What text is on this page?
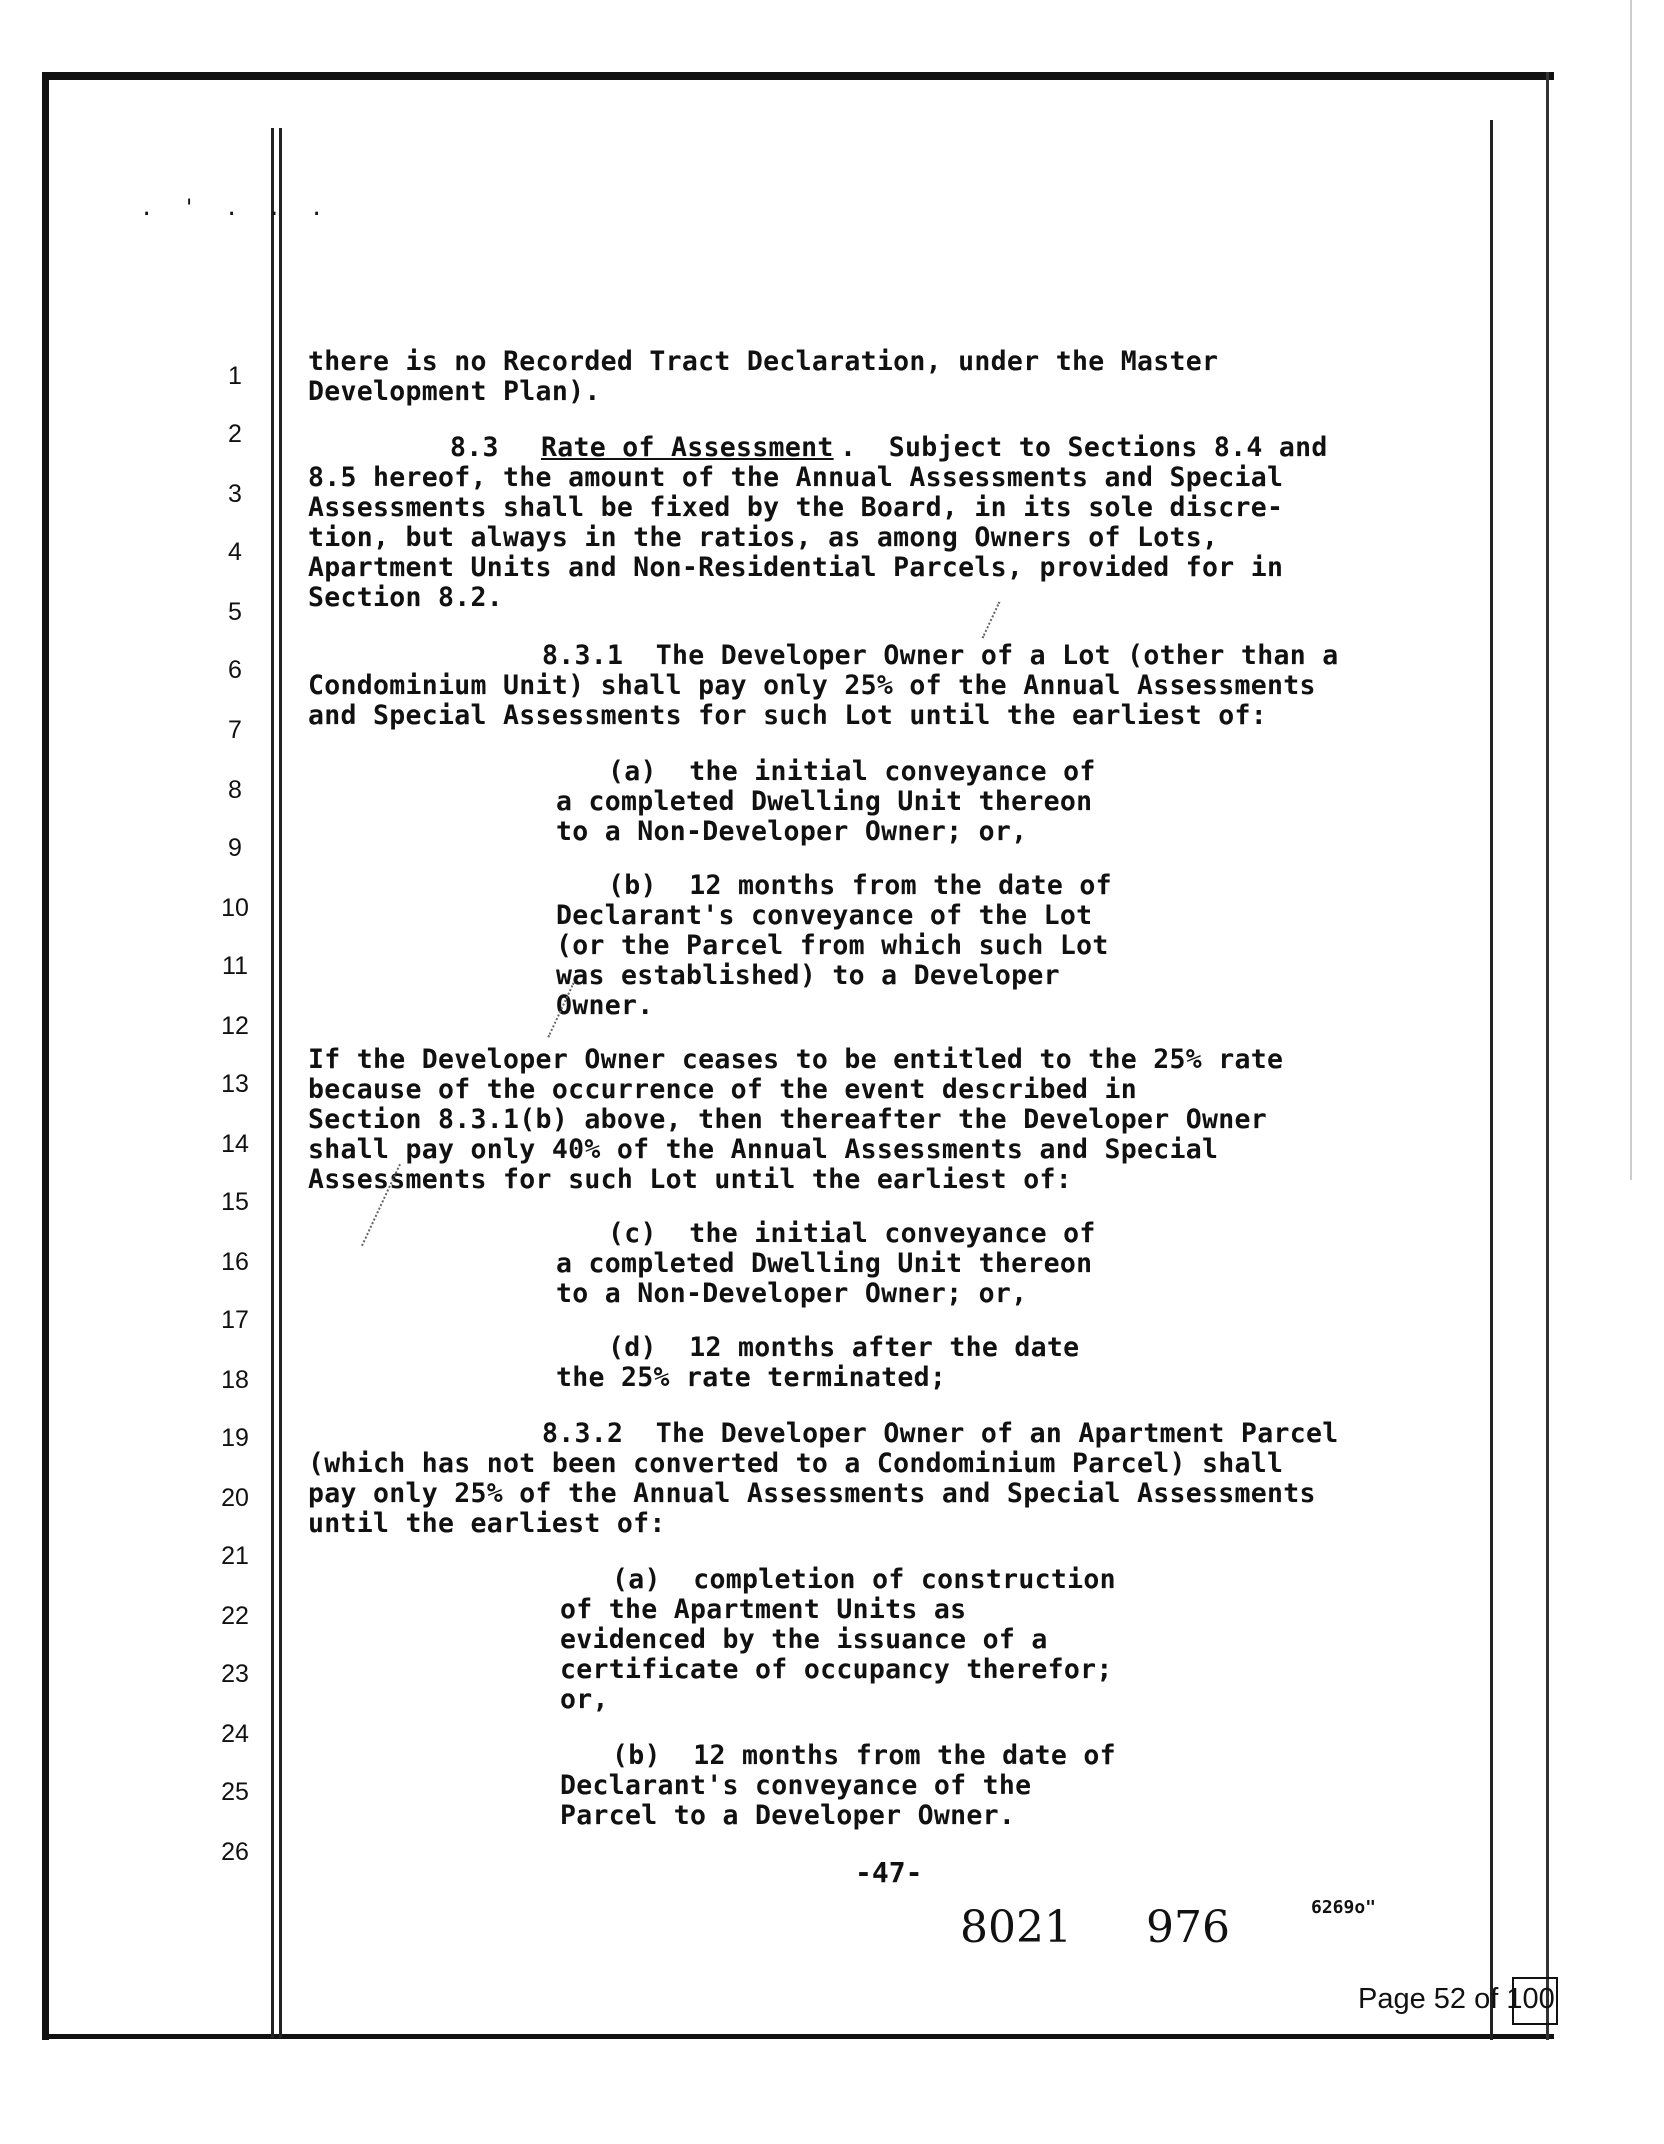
. ' . . .
1
2
3
4
5
6
7
8
9
10
11
12
13
14
15
16
17
18
19
20
21
22
23
24
25
26
there is no Recorded Tract Declaration, under the Master
Development Plan).
8.3 Rate of Assessment .  Subject to Sections 8.4 and
8.5 hereof, the amount of the Annual Assessments and Special
Assessments shall be fixed by the Board, in its sole discre-
tion, but always in the ratios, as among Owners of Lots,
Apartment Units and Non-Residential Parcels, provided for in
Section 8.2.
8.3.1  The Developer Owner of a Lot (other than a
Condominium Unit) shall pay only 25% of the Annual Assessments
and Special Assessments for such Lot until the earliest of:
(a)  the initial conveyance of
a completed Dwelling Unit thereon
to a Non-Developer Owner; or,
(b)  12 months from the date of
Declarant's conveyance of the Lot
(or the Parcel from which such Lot
was established) to a Developer
Owner.
If the Developer Owner ceases to be entitled to the 25% rate
because of the occurrence of the event described in
Section 8.3.1(b) above, then thereafter the Developer Owner
shall pay only 40% of the Annual Assessments and Special
Assessments for such Lot until the earliest of:
(c)  the initial conveyance of
a completed Dwelling Unit thereon
to a Non-Developer Owner; or,
(d)  12 months after the date
the 25% rate terminated;
8.3.2  The Developer Owner of an Apartment Parcel
(which has not been converted to a Condominium Parcel) shall
pay only 25% of the Annual Assessments and Special Assessments
until the earliest of:
(a)  completion of construction
of the Apartment Units as
evidenced by the issuance of a
certificate of occupancy therefor;
or,
(b)  12 months from the date of
Declarant's conveyance of the
Parcel to a Developer Owner.
-47-
8021 976	6269o"
Page 52 of 100
